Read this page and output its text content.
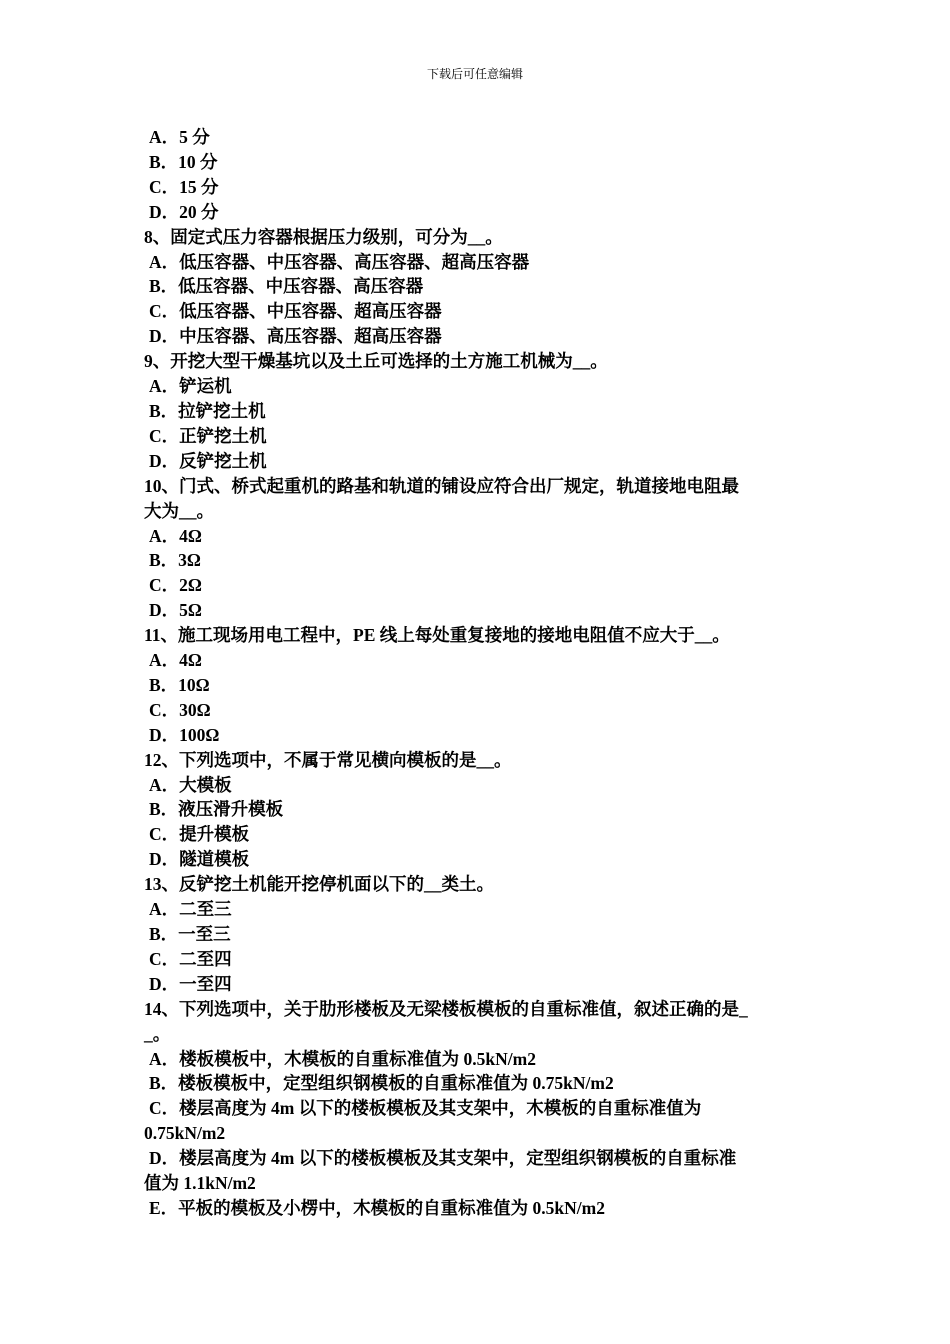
下载后可任意编辑
A．5 分
B．10 分
C．15 分
D．20 分
8、固定式压力容器根据压力级别，可分为__。
A．低压容器、中压容器、高压容器、超高压容器
B．低压容器、中压容器、高压容器
C．低压容器、中压容器、超高压容器
D．中压容器、高压容器、超高压容器
9、开挖大型干燥基坑以及土丘可选择的土方施工机械为__。
A．铲运机
B．拉铲挖土机
C．正铲挖土机
D．反铲挖土机
10、门式、桥式起重机的路基和轨道的铺设应符合出厂规定，轨道接地电阻最
大为__。
A．4Ω
B．3Ω
C．2Ω
D．5Ω
11、施工现场用电工程中，PE 线上每处重复接地的接地电阻值不应大于__。
A．4Ω
B．10Ω
C．30Ω
D．100Ω
12、下列选项中，不属于常见横向模板的是__。
A．大模板
B．液压滑升模板
C．提升模板
D．隧道模板
13、反铲挖土机能开挖停机面以下的__类土。
A．二至三
B．一至三
C．二至四
D．一至四
14、下列选项中，关于肋形楼板及无梁楼板模板的自重标准值，叙述正确的是_
_。
A．楼板模板中，木模板的自重标准值为 0.5kN/m2
B．楼板模板中，定型组织钢模板的自重标准值为 0.75kN/m2
C．楼层高度为 4m 以下的楼板模板及其支架中，木模板的自重标准值为
0.75kN/m2
D．楼层高度为 4m 以下的楼板模板及其支架中，定型组织钢模板的自重标准
值为 1.1kN/m2
E．平板的模板及小楞中，木模板的自重标准值为 0.5kN/m2
